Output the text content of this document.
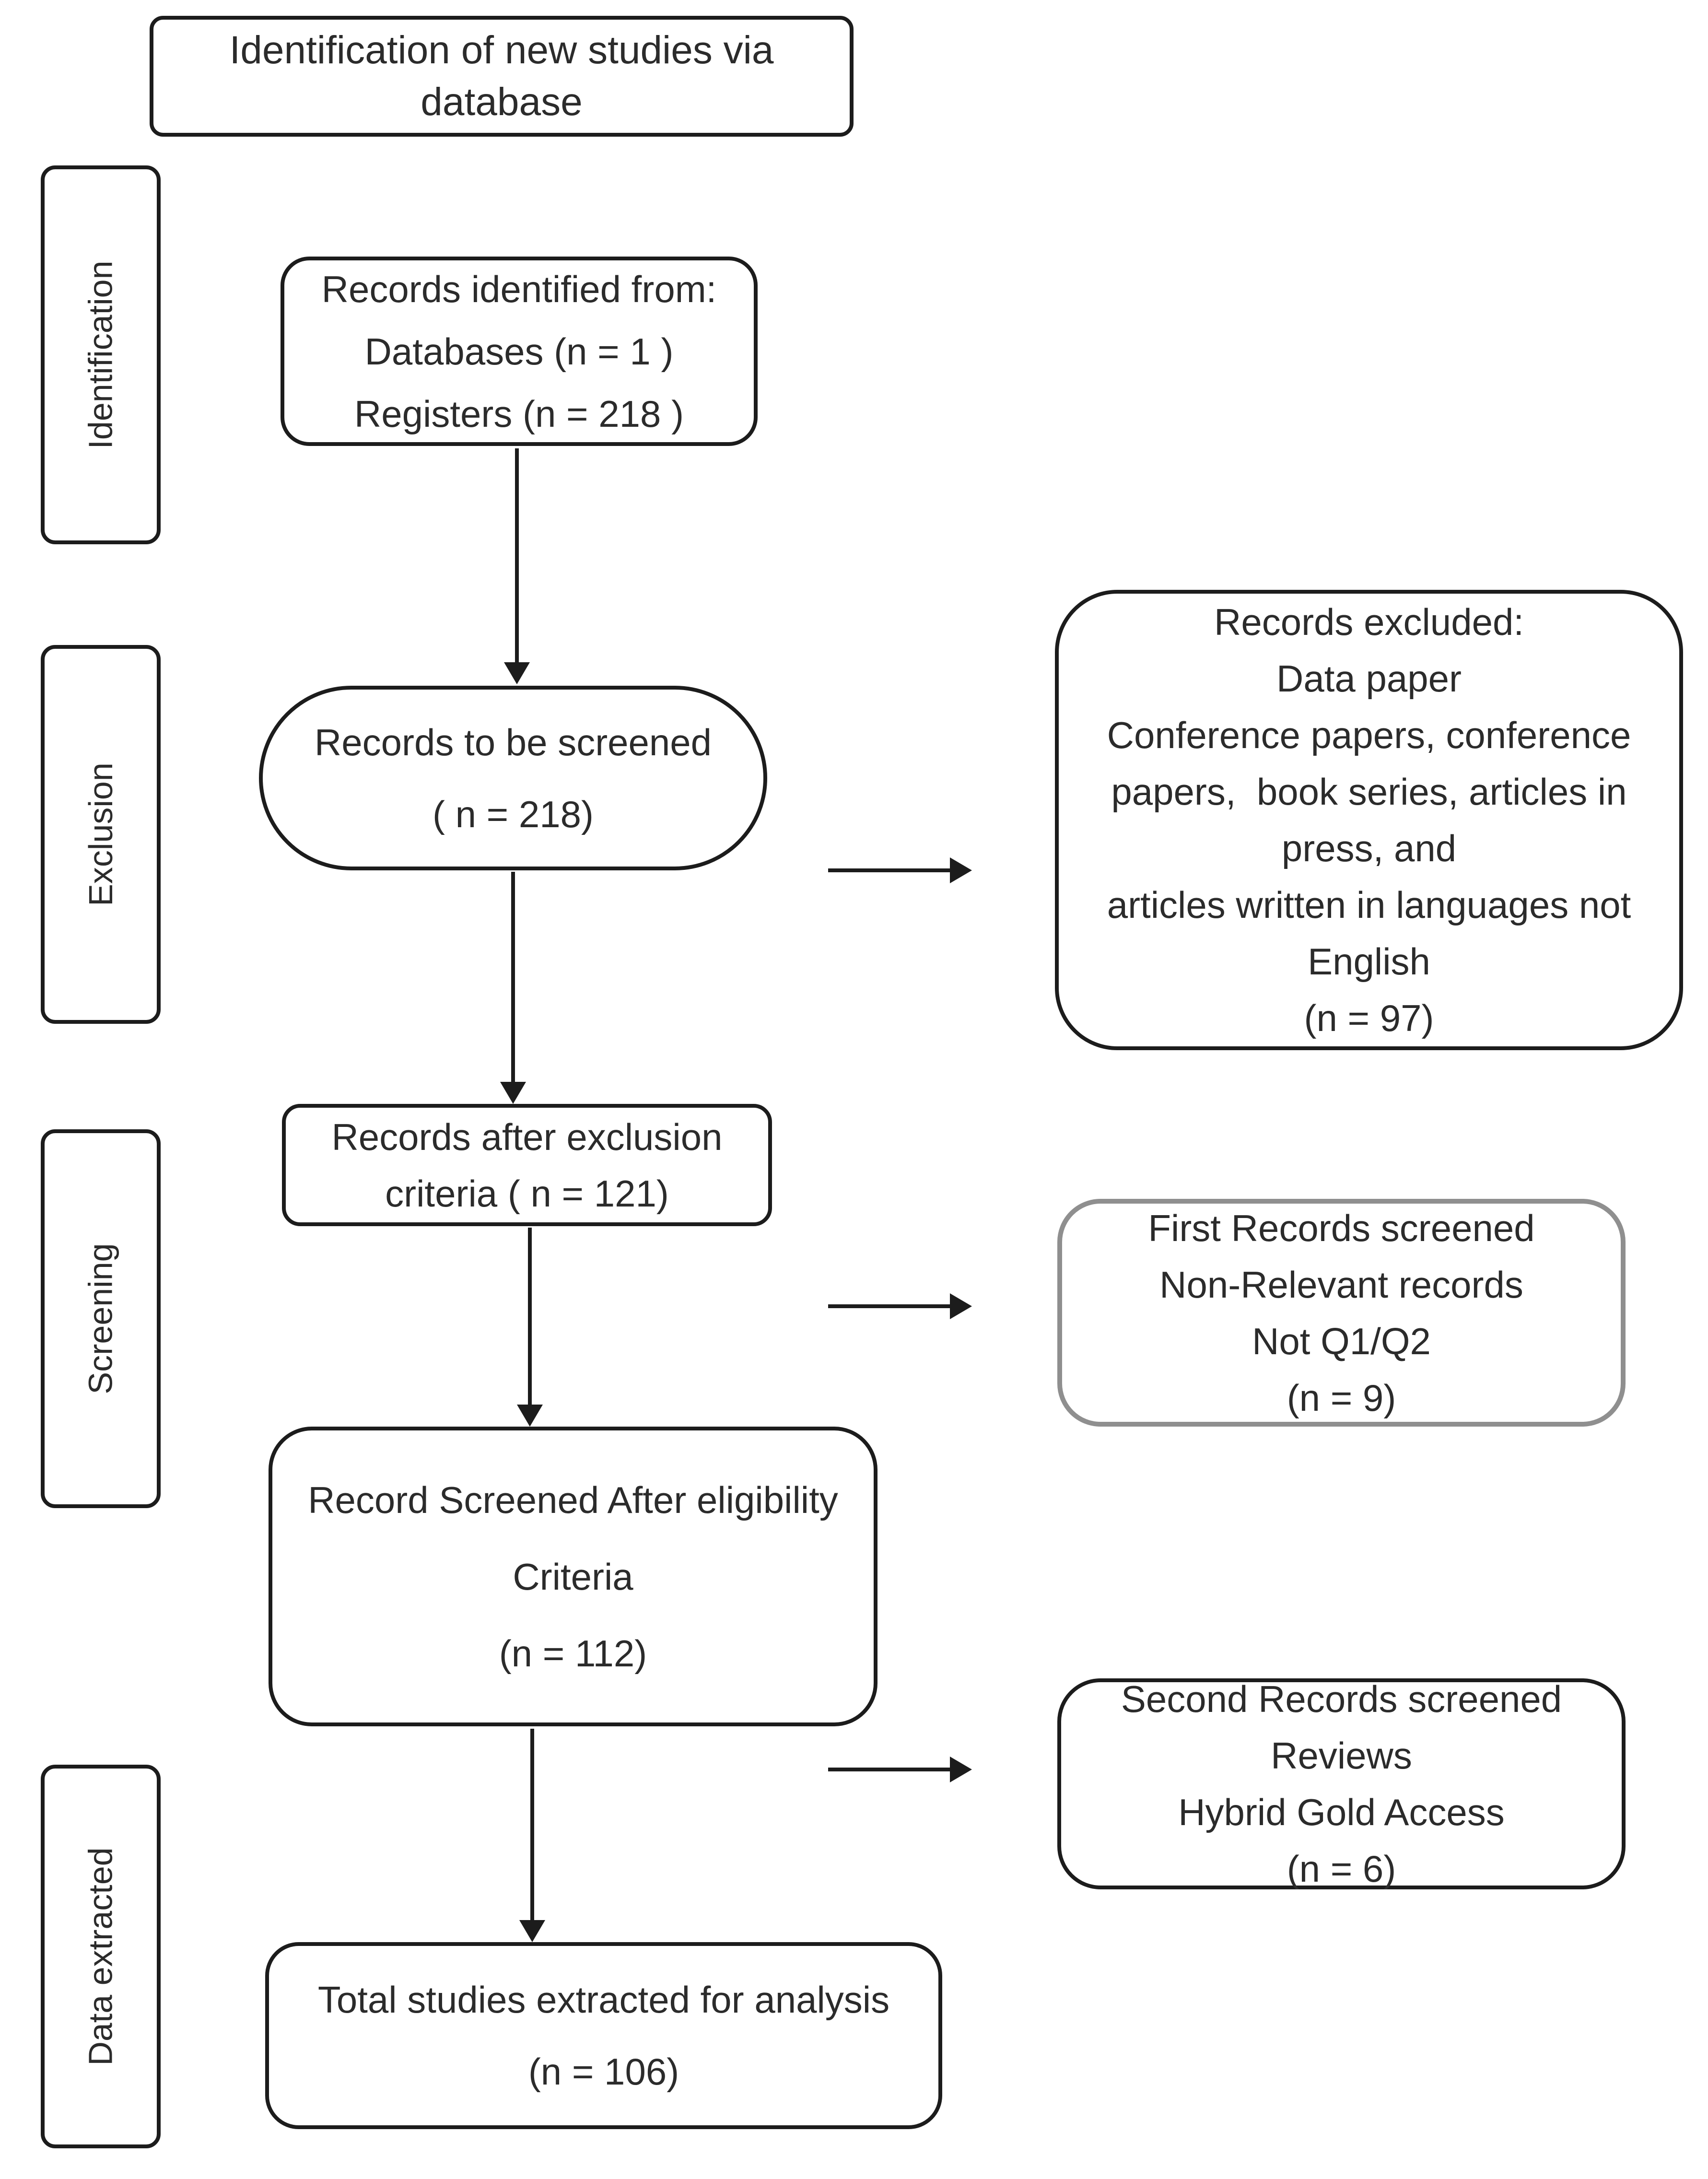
Identification of new studies via
database
Identification
Exclusion
Screening
Data extracted
Records identified from:
Databases (n = 1 )
Registers (n = 218 )
Records to be screened
( n = 218)
Records excluded:
Data paper
Conference papers, conference
papers,  book series, articles in
press, and
articles written in languages not
English
(n = 97)
Records after exclusion
criteria ( n = 121)
First Records screened
Non-Relevant records
Not Q1/Q2
(n = 9)
Record Screened After eligibility
Criteria
(n = 112)
Second Records screened
Reviews
Hybrid Gold Access
(n = 6)
Total studies extracted for analysis
(n = 106)
